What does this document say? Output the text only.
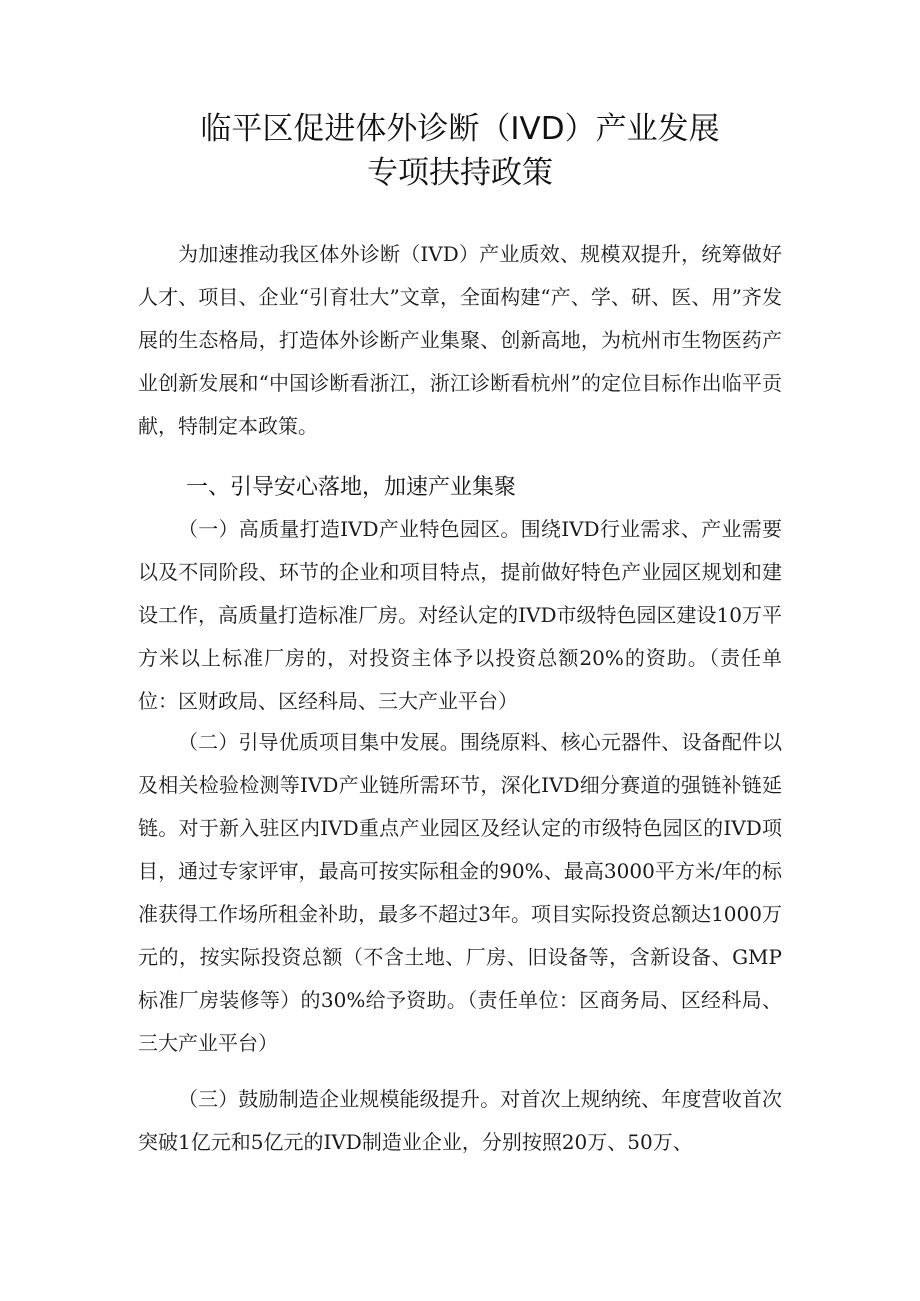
临平区促进体外诊断（IVD）产业发展
专项扶持政策

为加速推动我区体外诊断（IVD）产业质效、规模双提升，统筹做好人才、项目、企业“引育壮大”文章，全面构建“产、学、研、医、用”齐发展的生态格局，打造体外诊断产业集聚、创新高地，为杭州市生物医药产业创新发展和“中国诊断看浙江，浙江诊断看杭州”的定位目标作出临平贡献，特制定本政策。

一、引导安心落地，加速产业集聚

（一）高质量打造IVD产业特色园区。围绕IVD行业需求、产业需要以及不同阶段、环节的企业和项目特点，提前做好特色产业园区规划和建设工作，高质量打造标准厂房。对经认定的IVD市级特色园区建设10万平方米以上标准厂房的，对投资主体予以投资总额20%的资助。（责任单位：区财政局、区经科局、三大产业平台）

（二）引导优质项目集中发展。围绕原料、核心元器件、设备配件以及相关检验检测等IVD产业链所需环节，深化IVD细分赛道的强链补链延链。对于新入驻区内IVD重点产业园区及经认定的市级特色园区的IVD项目，通过专家评审，最高可按实际租金的90%、最高3000平方米/年的标准获得工作场所租金补助，最多不超过3年。项目实际投资总额达1000万元的，按实际投资总额（不含土地、厂房、旧设备等，含新设备、GMP标准厂房装修等）的30%给予资助。（责任单位：区商务局、区经科局、三大产业平台）

（三）鼓励制造企业规模能级提升。对首次上规纳统、年度营收首次突破1亿元和5亿元的IVD制造业企业，分别按照20万、50万、
